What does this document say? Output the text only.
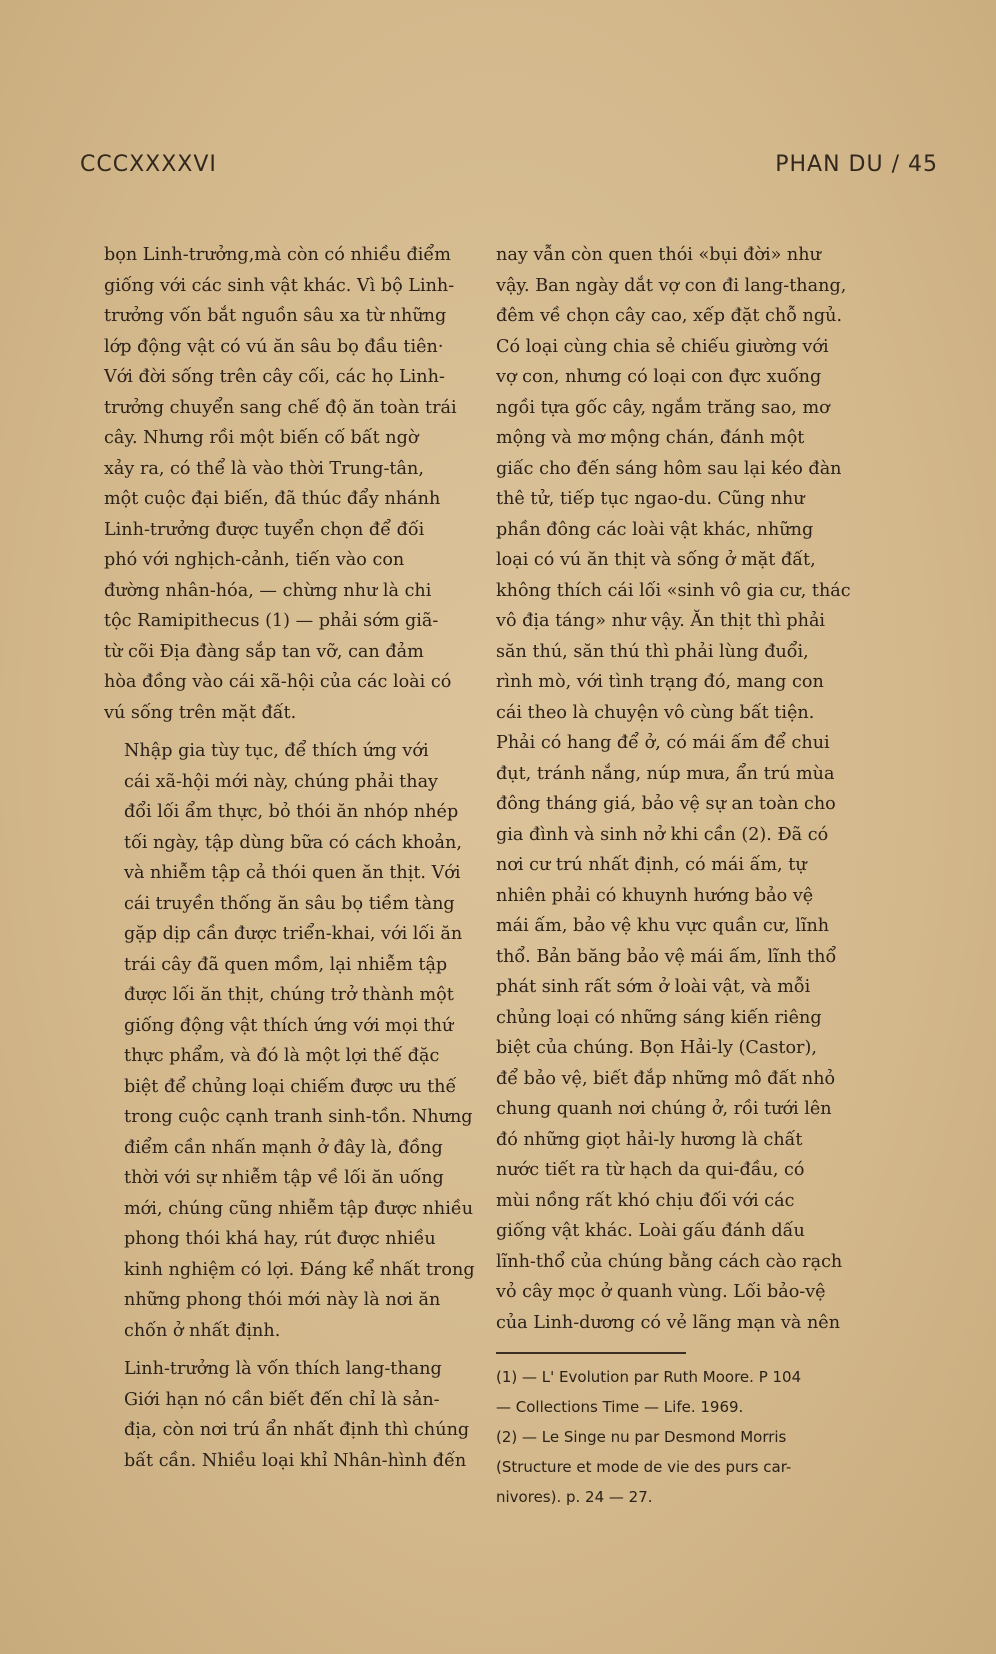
CCCXXXXVI	PHAN DU / 45

bọn Linh-trưởng,mà còn có nhiều điểm
giống với các sinh vật khác. Vì bộ Linh-
trưởng vốn bắt nguồn sâu xa từ những
lớp động vật có vú ăn sâu bọ đầu tiên·
Với đời sống trên cây cối, các họ Linh-
trưởng chuyển sang chế độ ăn toàn trái
cây. Nhưng rồi một biến cố bất ngờ
xảy ra, có thể là vào thời Trung-tân,
một cuộc đại biến, đã thúc đẩy nhánh
Linh-trưởng được tuyển chọn để đối
phó với nghịch-cảnh, tiến vào con
đường nhân-hóa, — chừng như là chi
tộc Ramipithecus (1) — phải sớm giã-
từ cõi Địa đàng sắp tan vỡ, can đảm
hòa đồng vào cái xã-hội của các loài có
vú sống trên mặt đất.

Nhập gia tùy tục, để thích ứng với
cái xã-hội mới này, chúng phải thay
đổi lối ẩm thực, bỏ thói ăn nhóp nhép
tối ngày, tập dùng bữa có cách khoản,
và nhiễm tập cả thói quen ăn thịt. Với
cái truyền thống ăn sâu bọ tiềm tàng
gặp dịp cần được triển-khai, với lối ăn
trái cây đã quen mồm, lại nhiễm tập
được lối ăn thịt, chúng trở thành một
giống động vật thích ứng với mọi thứ
thực phẩm, và đó là một lợi thế đặc
biệt để chủng loại chiếm được ưu thế
trong cuộc cạnh tranh sinh-tồn. Nhưng
điểm cần nhấn mạnh ở đây là, đồng
thời với sự nhiễm tập về lối ăn uống
mới, chúng cũng nhiễm tập được nhiều
phong thói khá hay, rút được nhiều
kinh nghiệm có lợi. Đáng kể nhất trong
những phong thói mới này là nơi ăn
chốn ở nhất định.

Linh-trưởng là vốn thích lang-thang
Giới hạn nó cần biết đến chỉ là sản-
địa, còn nơi trú ẩn nhất định thì chúng
bất cần. Nhiều loại khỉ Nhân-hình đến

nay vẫn còn quen thói «bụi đời» như
vậy. Ban ngày dắt vợ con đi lang-thang,
đêm về chọn cây cao, xếp đặt chỗ ngủ.
Có loại cùng chia sẻ chiếu giường với
vợ con, nhưng có loại con đực xuống
ngồi tựa gốc cây, ngắm trăng sao, mơ
mộng và mơ mộng chán, đánh một
giấc cho đến sáng hôm sau lại kéo đàn
thê tử, tiếp tục ngao-du. Cũng như
phần đông các loài vật khác, những
loại có vú ăn thịt và sống ở mặt đất,
không thích cái lối «sinh vô gia cư, thác
vô địa táng» như vậy. Ăn thịt thì phải
săn thú, săn thú thì phải lùng đuổi,
rình mò, với tình trạng đó, mang con
cái theo là chuyện vô cùng bất tiện.
Phải có hang để ở, có mái ấm để chui
đụt, tránh nắng, núp mưa, ẩn trú mùa
đông tháng giá, bảo vệ sự an toàn cho
gia đình và sinh nở khi cần (2). Đã có
nơi cư trú nhất định, có mái ấm, tự
nhiên phải có khuynh hướng bảo vệ
mái ấm, bảo vệ khu vực quần cư, lĩnh
thổ. Bản băng bảo vệ mái ấm, lĩnh thổ
phát sinh rất sớm ở loài vật, và mỗi
chủng loại có những sáng kiến riêng
biệt của chúng. Bọn Hải-ly (Castor),
để bảo vệ, biết đắp những mô đất nhỏ
chung quanh nơi chúng ở, rồi tưới lên
đó những giọt hải-ly hương là chất
nước tiết ra từ hạch da qui-đầu, có
mùi nồng rất khó chịu đối với các
giống vật khác. Loài gấu đánh dấu
lĩnh-thổ của chúng bằng cách cào rạch
vỏ cây mọc ở quanh vùng. Lối bảo-vệ
của Linh-dương có vẻ lãng mạn và nên

(1) — L' Evolution par Ruth Moore. P 104
— Collections Time — Life. 1969.
(2) — Le Singe nu par Desmond Morris
(Structure et mode de vie des purs car-
nivores). p. 24 — 27.
